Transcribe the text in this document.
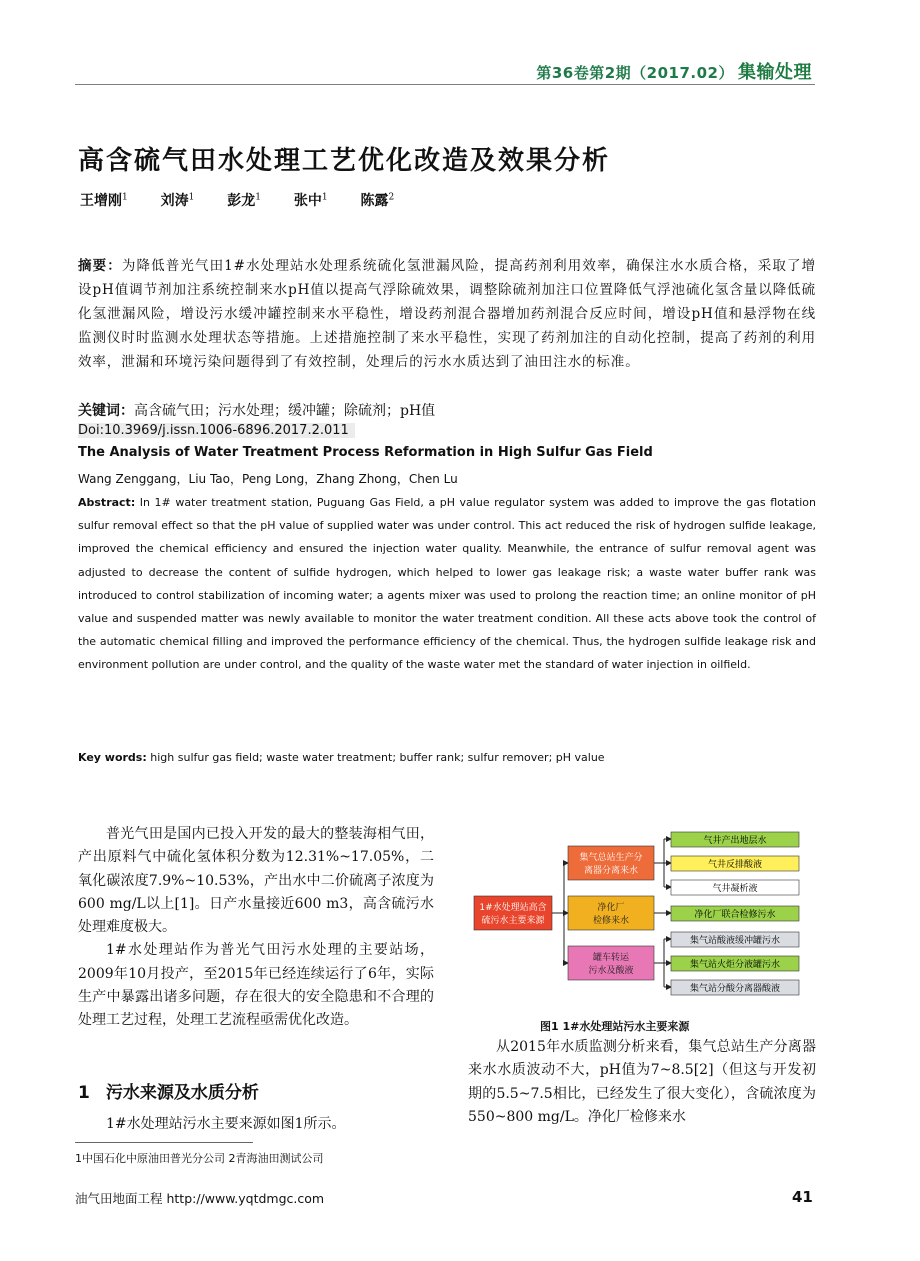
第36卷第2期（2017.02） 集输处理
高含硫气田水处理工艺优化改造及效果分析
王增刚$^1$ 刘涛$^1$ 彭龙$^1$ 张中$^1$ 陈露$^2$
摘要：为降低普光气田1#水处理站水处理系统硫化氢泄漏风险，提高药剂利用效率，确保注水水质合格，采取了增设pH值调节剂加注系统控制来水pH值以提高气浮除硫效果，调整除硫剂加注口位置降低气浮池硫化氢含量以降低硫化氢泄漏风险，增设污水缓冲罐控制来水平稳性，增设药剂混合器增加药剂混合反应时间，增设pH值和悬浮物在线监测仪时时监测水处理状态等措施。上述措施控制了来水平稳性，实现了药剂加注的自动化控制，提高了药剂的利用效率，泄漏和环境污染问题得到了有效控制，处理后的污水水质达到了油田注水的标准。
关键词：高含硫气田；污水处理；缓冲罐；除硫剂；pH值
Doi:10.3969/j.issn.1006-6896.2017.2.011
The Analysis of Water Treatment Process Reformation in High Sulfur Gas Field
Wang Zenggang，Liu Tao，Peng Long，Zhang Zhong，Chen Lu
Abstract: In 1# water treatment station, Puguang Gas Field, a pH value regulator system was added to improve the gas flotation sulfur removal effect so that the pH value of supplied water was under control. This act reduced the risk of hydrogen sulfide leakage, improved the chemical efficiency and ensured the injection water quality. Meanwhile, the entrance of sulfur removal agent was adjusted to decrease the content of sulfide hydrogen, which helped to lower gas leakage risk; a waste water buffer rank was introduced to control stabilization of incoming water; a agents mixer was used to prolong the reaction time; an online monitor of pH value and suspended matter was newly available to monitor the water treatment condition. All these acts above took the control of the automatic chemical filling and improved the performance efficiency of the chemical. Thus, the hydrogen sulfide leakage risk and environment pollution are under control, and the quality of the waste water met the standard of water injection in oilfield.
Key words: high sulfur gas field; waste water treatment; buffer rank; sulfur remover; pH value

普光气田是国内已投入开发的最大的整装海相气田，产出原料气中硫化氢体积分数为12.31%~17.05%，二氧化碳浓度7.9%~10.53%，产出水中二价硫离子浓度为600 mg/L以上[1]。日产水量接近600 m3，高含硫污水处理难度极大。

1#水处理站作为普光气田污水处理的主要站场，2009年10月投产，至2015年已经连续运行了6年，实际生产中暴露出诸多问题，存在很大的安全隐患和不合理的处理工艺过程，处理工艺流程亟需优化改造。

1 污水来源及水质分析
1#水处理站污水主要来源如图1所示。
1#水处理站高含
硫污水主要来源
集气总站生产分
离器分离来水
净化厂
检修来水
罐车转运
污水及酸液
气井产出地层水
气井反排酸液
气井凝析液
净化厂联合检修污水
集气站酸液缓冲罐污水
集气站火炬分液罐污水
集气站分酸分离器酸液
图1 1#水处理站污水主要来源

从2015年水质监测分析来看，集气总站生产分离器来水水质波动不大，pH值为7~8.5[2]（但这与开发初期的5.5~7.5相比，已经发生了很大变化），含硫浓度为550~800 mg/L。净化厂检修来水

1中国石化中原油田普光分公司 2青海油田测试公司
油气田地面工程 http://www.yqtdmgc.com	41
